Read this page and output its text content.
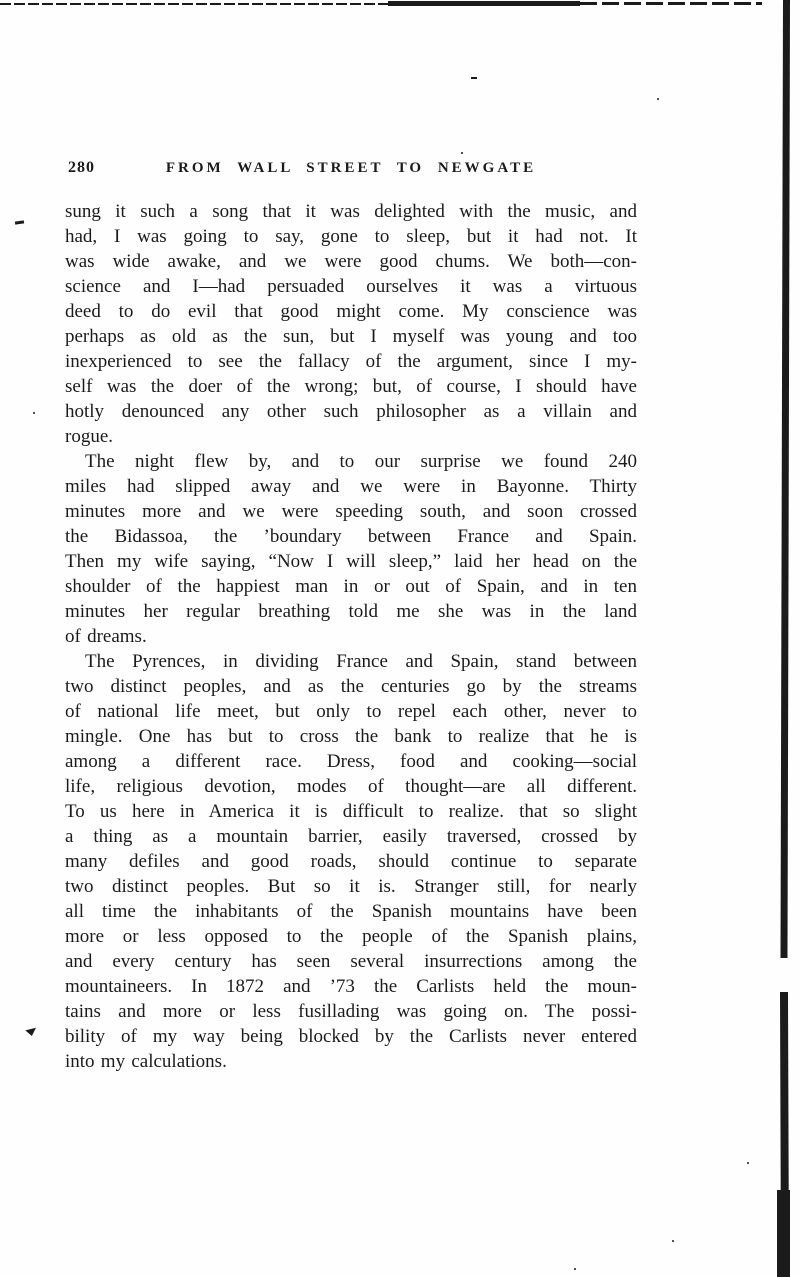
280	FROM WALL STREET TO NEWGATE
sung it such a song that it was delighted with the music, and
had, I was going to say, gone to sleep, but it had not. It
was wide awake, and we were good chums. We both—con-
science and I—had persuaded ourselves it was a virtuous
deed to do evil that good might come. My conscience was
perhaps as old as the sun, but I myself was young and too
inexperienced to see the fallacy of the argument, since I my-
self was the doer of the wrong; but, of course, I should have
hotly denounced any other such philosopher as a villain and
rogue.
The night flew by, and to our surprise we found 240
miles had slipped away and we were in Bayonne. Thirty
minutes more and we were speeding south, and soon crossed
the Bidassoa, the ’boundary between France and Spain.
Then my wife saying, “Now I will sleep,” laid her head on the
shoulder of the happiest man in or out of Spain, and in ten
minutes her regular breathing told me she was in the land
of dreams.
The Pyrences, in dividing France and Spain, stand between
two distinct peoples, and as the centuries go by the streams
of national life meet, but only to repel each other, never to
mingle. One has but to cross the bank to realize that he is
among a different race. Dress, food and cooking—social
life, religious devotion, modes of thought—are all different.
To us here in America it is difficult to realize. that so slight
a thing as a mountain barrier, easily traversed, crossed by
many defiles and good roads, should continue to separate
two distinct peoples. But so it is. Stranger still, for nearly
all time the inhabitants of the Spanish mountains have been
more or less opposed to the people of the Spanish plains,
and every century has seen several insurrections among the
mountaineers. In 1872 and ’73 the Carlists held the moun-
tains and more or less fusillading was going on. The possi-
bility of my way being blocked by the Carlists never entered
into my calculations.
